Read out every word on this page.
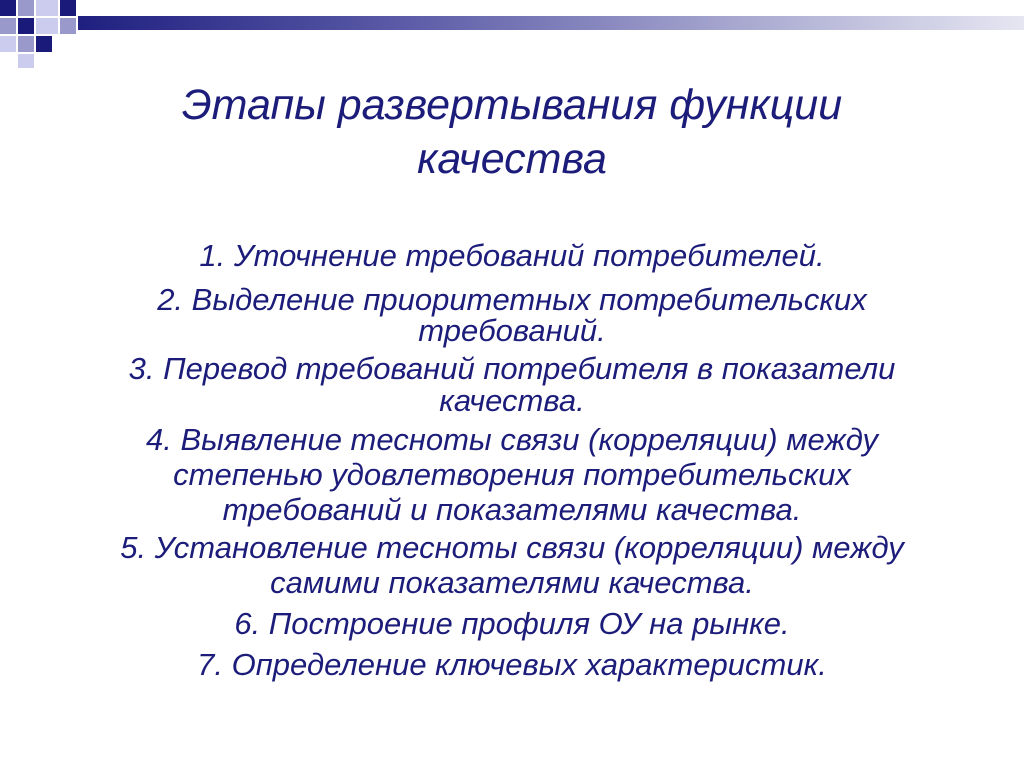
Этапы развертывания функции
качества
1. Уточнение требований потребителей.
2. Выделение приоритетных потребительских
требований.
3. Перевод требований потребителя в показатели
качества.
4. Выявление тесноты связи (корреляции) между
степенью удовлетворения потребительских
требований и показателями качества.
5. Установление тесноты связи (корреляции) между
самими показателями качества.
6. Построение профиля ОУ на рынке.
7. Определение ключевых характеристик.
